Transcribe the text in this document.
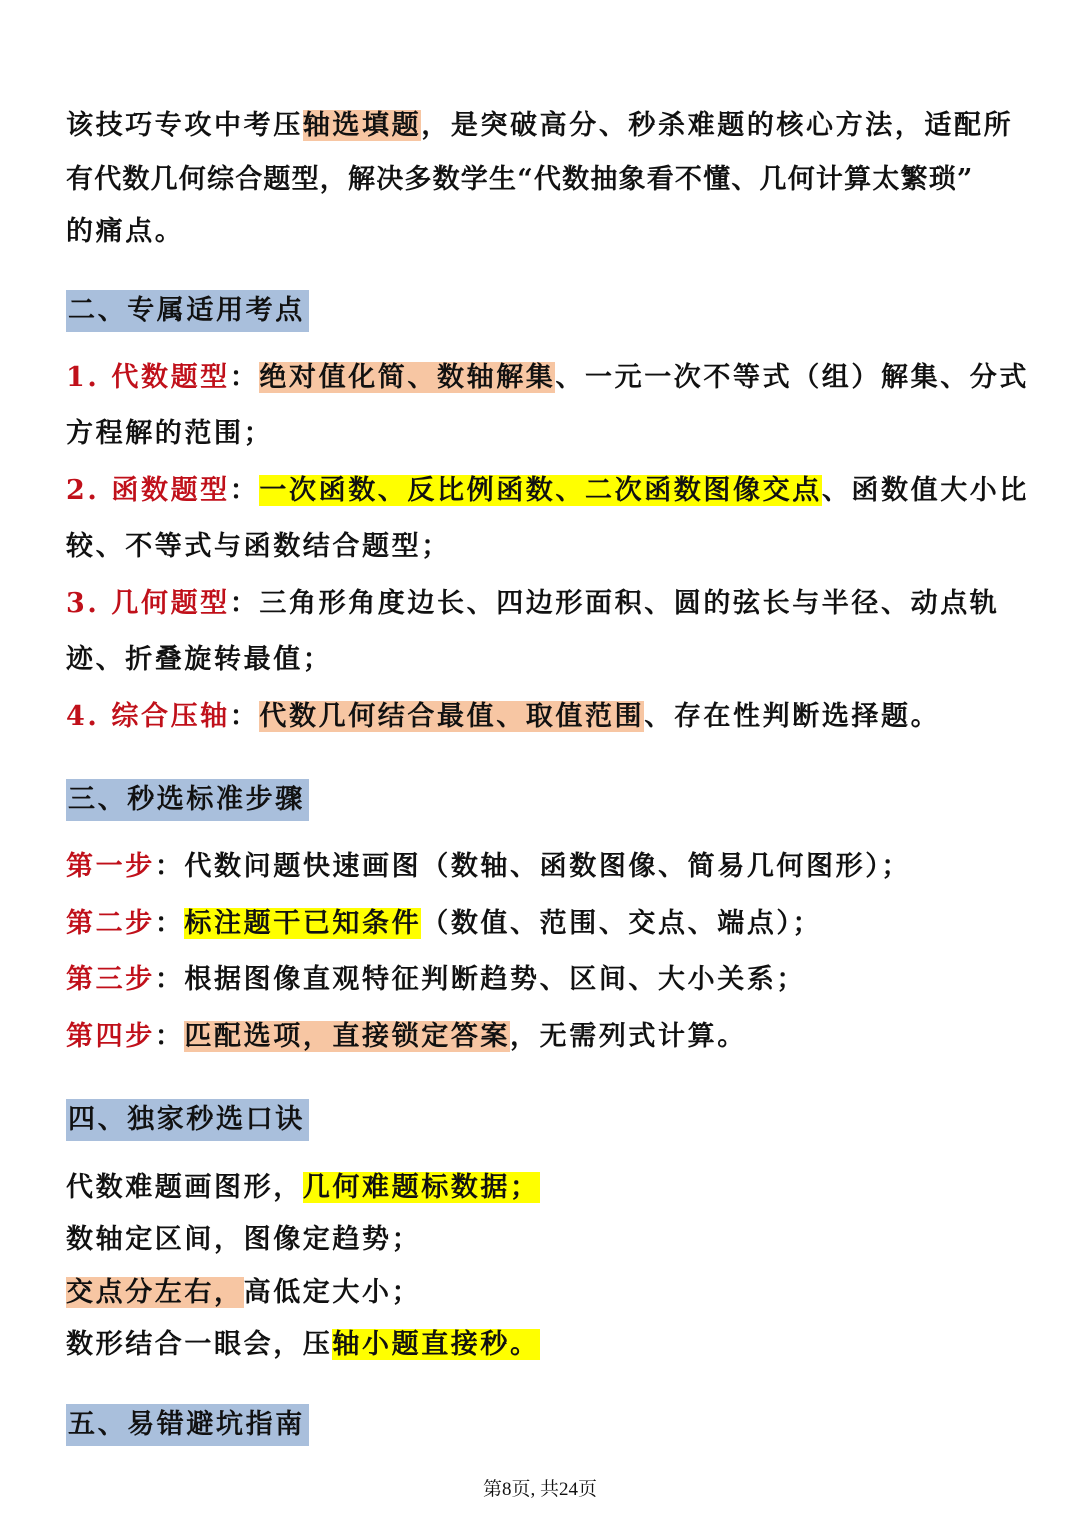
该技巧专攻中考压轴选填题，是突破高分、秒杀难题的核心方法，适配所
有代数几何综合题型，解决多数学生“代数抽象看不懂、几何计算太繁琐”
的痛点。
二、专属适用考点
1. 代数题型：绝对值化简、数轴解集、一元一次不等式（组）解集、分式
方程解的范围；
2. 函数题型：一次函数、反比例函数、二次函数图像交点、函数值大小比
较、不等式与函数结合题型；
3. 几何题型：三角形角度边长、四边形面积、圆的弦长与半径、动点轨
迹、折叠旋转最值；
4. 综合压轴：代数几何结合最值、取值范围、存在性判断选择题。
三、秒选标准步骤
第一步：代数问题快速画图（数轴、函数图像、简易几何图形）；
第二步：标注题干已知条件（数值、范围、交点、端点）；
第三步：根据图像直观特征判断趋势、区间、大小关系；
第四步：匹配选项，直接锁定答案，无需列式计算。
四、独家秒选口诀
代数难题画图形，几何难题标数据；
数轴定区间，图像定趋势；
交点分左右，高低定大小；
数形结合一眼会，压轴小题直接秒。
五、易错避坑指南
第8页, 共24页
